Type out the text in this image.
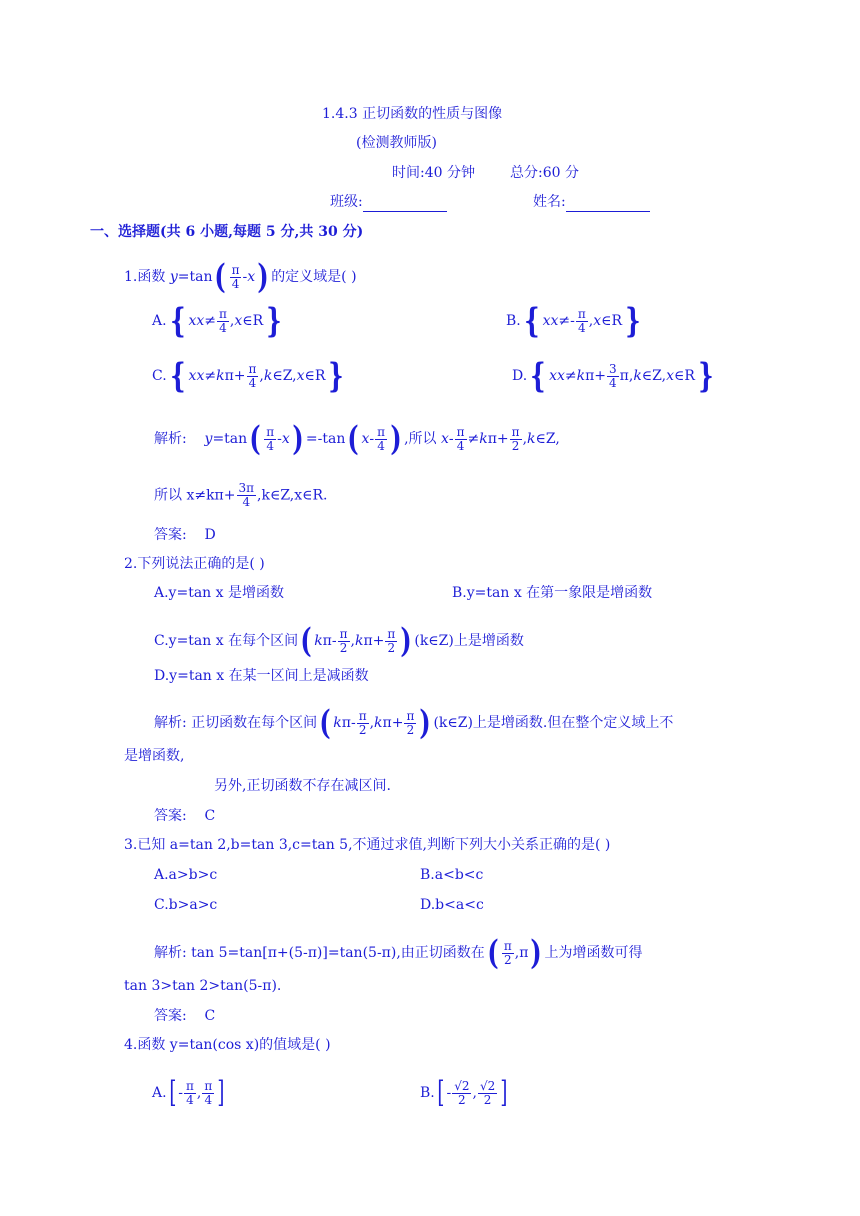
1.4.3 正切函数的性质与图像
(检测教师版)
时间:40 分钟	总分:60 分
班级:	姓名:
一、选择题(共 6 小题,每题 5 分,共 30 分)
1.函数 $y=\tan( \frac{\pi}{4} -x)$ 的定义域是( )
A.{ $xx\ne \frac{\pi}{4}$ ,x∈R}	B.{ $xx\ne- \frac{\pi}{4}$ ,x∈R}
C.{ $xx\ne k\pi+ \frac{\pi}{4}$ ,k∈Z,x∈R}	D.{ $xx\ne k\pi+ \frac{3}{4}$ π,k∈Z,x∈R}
解析: $y=\tan( \frac{\pi}{4} -x) =-\tan$( $x- \frac{\pi}{4}$ ) ,所以 $x- \frac{\pi}{4} \ne k\pi+ \frac{\pi}{2}$ ,k∈Z,
所以 $x\ne k\pi+ \frac{3\pi}{4}$ ,k∈Z,x∈R.
答案: D
2.下列说法正确的是( )
A.y=tan x 是增函数	B.y=tan x 在第一象限是增函数
C.y=tan x 在每个区间( $k\pi- \frac{\pi}{2} ,k\pi+ \frac{\pi}{2}$ ) (k∈Z)上是增函数
D.y=tan x 在某一区间上是减函数
解析: 正切函数在每个区间( $k\pi- \frac{\pi}{2} ,k\pi+ \frac{\pi}{2}$ ) (k∈Z)上是增函数.但在整个定义域上不
是增函数,
另外,正切函数不存在减区间.
答案: C
3.已知 a=tan 2,b=tan 3,c=tan 5,不通过求值,判断下列大小关系正确的是( )
A.a>b>c	B.a<b<c
C.b>a>c	D.b<a<c
解析: tan 5=tan[π+(5-π)]=tan(5-π),由正切函数在( $\frac{\pi}{2} ,\pi$) 上为增函数可得
tan 3>tan 2>tan(5-π).
答案: C
4.函数 y=tan(cos x)的值域是( )
$A.[ - \frac{\pi}{4}$ , $\frac{\pi}{4}$ ]	$B.[ - \frac{√2}{2}$ , $\frac{√2}{2}$ ]
